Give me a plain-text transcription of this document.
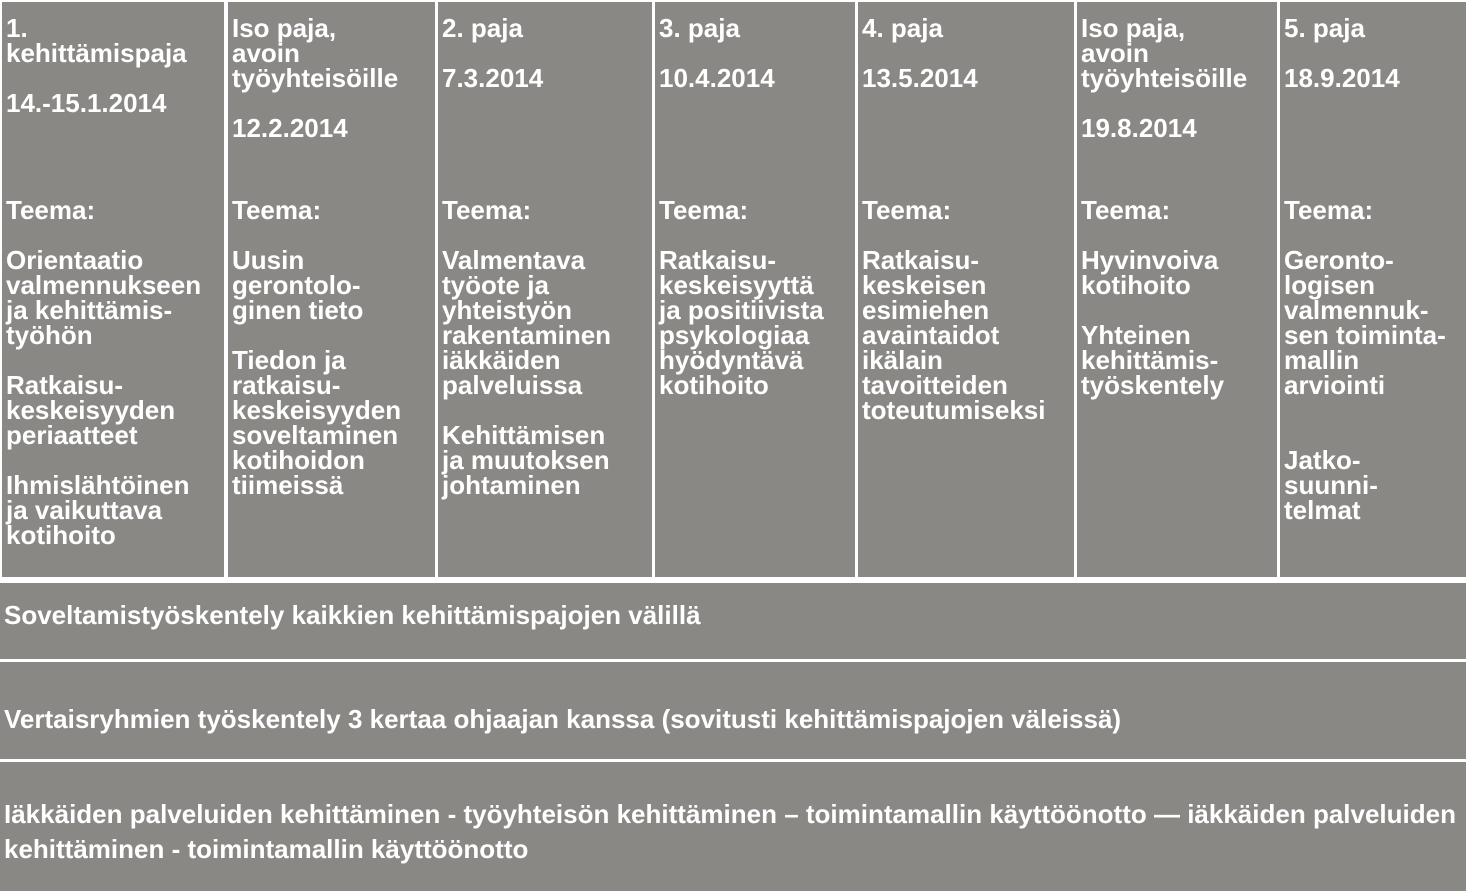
1.
kehittämispaja
14.-15.1.2014
Teema:
Orientaatio
valmennukseen
ja kehittämis-
työhön
Ratkaisu-
keskeisyyden
periaatteet
Ihmislähtöinen
ja vaikuttava
kotihoito
Iso paja,
avoin
työyhteisöille
12.2.2014
Teema:
Uusin
gerontolo-
ginen tieto
Tiedon ja
ratkaisu-
keskeisyyden
soveltaminen
kotihoidon
tiimeissä
2. paja
7.3.2014
Teema:
Valmentava
työote ja
yhteistyön
rakentaminen
iäkkäiden
palveluissa
Kehittämisen
ja muutoksen
johtaminen
3. paja
10.4.2014
Teema:
Ratkaisu-
keskeisyyttä
ja positiivista
psykologiaa
hyödyntävä
kotihoito
4. paja
13.5.2014
Teema:
Ratkaisu-
keskeisen
esimiehen
avaintaidot
ikälain
tavoitteiden
toteutumiseksi
Iso paja,
avoin
työyhteisöille
19.8.2014
Teema:
Hyvinvoiva
kotihoito
Yhteinen
kehittämis-
työskentely
5. paja
18.9.2014
Teema:
Geronto-
logisen
valmennuk-
sen toiminta-
mallin
arviointi

Jatko-
suunni-
telmat
Soveltamistyöskentely kaikkien kehittämispajojen välillä
Vertaisryhmien työskentely 3 kertaa ohjaajan kanssa (sovitusti kehittämispajojen väleissä)
Iäkkäiden palveluiden kehittäminen - työyhteisön kehittäminen – toimintamallin käyttöönotto — iäkkäiden palveluiden kehittäminen - toimintamallin käyttöönotto
